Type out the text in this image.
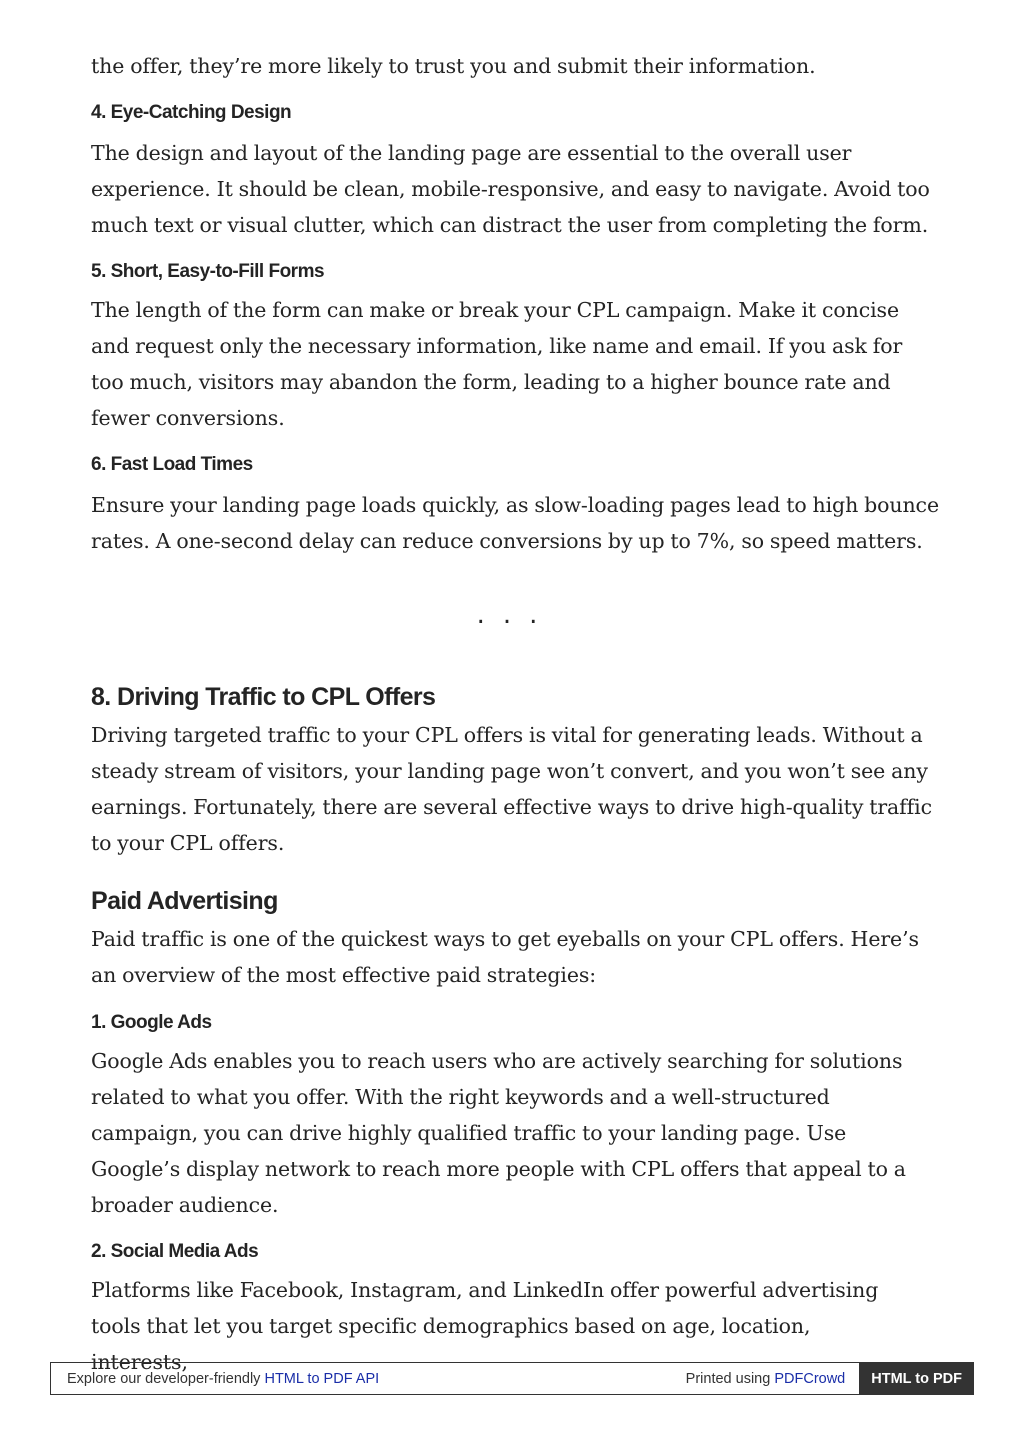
the offer, they’re more likely to trust you and submit their information.

4. Eye-Catching Design

The design and layout of the landing page are essential to the overall user experience. It should be clean, mobile-responsive, and easy to navigate. Avoid too much text or visual clutter, which can distract the user from completing the form.

5. Short, Easy-to-Fill Forms

The length of the form can make or break your CPL campaign. Make it concise and request only the necessary information, like name and email. If you ask for too much, visitors may abandon the form, leading to a higher bounce rate and fewer conversions.

6. Fast Load Times

Ensure your landing page loads quickly, as slow-loading pages lead to high bounce rates. A one-second delay can reduce conversions by up to 7%, so speed matters.

...
8. Driving Traffic to CPL Offers

Driving targeted traffic to your CPL offers is vital for generating leads. Without a steady stream of visitors, your landing page won’t convert, and you won’t see any earnings. Fortunately, there are several effective ways to drive high-quality traffic to your CPL offers.

Paid Advertising

Paid traffic is one of the quickest ways to get eyeballs on your CPL offers. Here’s an overview of the most effective paid strategies:

1. Google Ads

Google Ads enables you to reach users who are actively searching for solutions related to what you offer. With the right keywords and a well-structured campaign, you can drive highly qualified traffic to your landing page. Use Google’s display network to reach more people with CPL offers that appeal to a broader audience.

2. Social Media Ads

Platforms like Facebook, Instagram, and LinkedIn offer powerful advertising tools that let you target specific demographics based on age, location, interests,

Explore our developer-friendly HTML to PDF API	Printed using PDFCrowd	HTML to PDF
